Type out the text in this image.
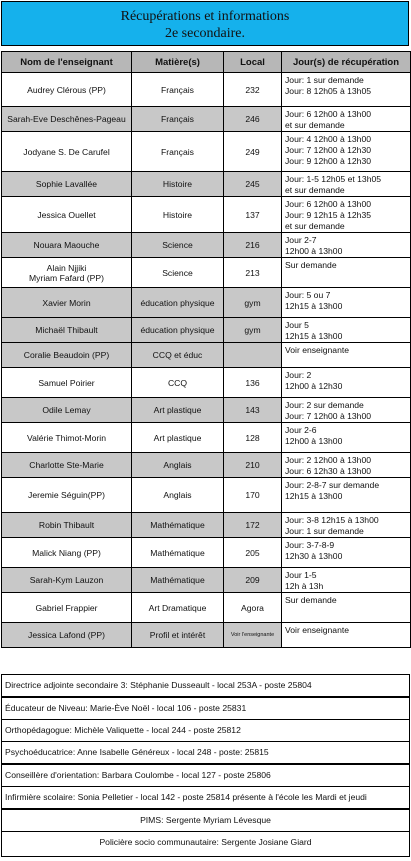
Récupérations et informations
2e secondaire.
Nom de l'enseignant	Matière(s)	Local	Jour(s) de récupération

Audrey Clérous (PP)	Français	232	Jour: 1 sur demande
Jour: 8 12h05 à 13h05

Sarah-Eve Deschênes-Pageau	Français	246	Jour: 6 12h00 à 13h00
et sur demande

Jodyane S. De Carufel	Français	249	Jour: 4 12h00 à 13h00
Jour: 7 12h00 à 12h30
Jour: 9 12h00 à 12h30

Sophie Lavallée	Histoire	245	Jour: 1-5 12h05 et 13h05
et sur demande

Jessica Ouellet	Histoire	137	Jour: 6 12h00 à 13h00
Jour: 9 12h15 à 12h35
et sur demande

Nouara Maouche	Science	216	Jour 2-7
12h00 à 13h00

Alain Njjiki
Myriam Fafard (PP)	Science	213	Sur demande

Xavier Morin	éducation physique	gym	Jour: 5 ou 7
12h15 à 13h00

Michaël Thibault	éducation physique	gym	Jour 5
12h15 à 13h00

Coralie Beaudoin (PP)	CCQ et éduc		Voir enseignante

Samuel Poirier	CCQ	136	Jour: 2
12h00 à 12h30

Odile Lemay	Art plastique	143	Jour: 2 sur demande
Jour: 7 12h00 à 13h00

Valérie Thimot-Morin	Art plastique	128	Jour 2-6
12h00 à 13h00

Charlotte Ste-Marie	Anglais	210	Jour: 2 12h00 à 13h00
Jour: 6 12h30 à 13h00

Jeremie Séguin(PP)	Anglais	170	Jour: 2-8-7 sur demande
12h15 à 13h00

Robin Thibault	Mathématique	172	Jour: 3-8 12h15 à 13h00
Jour: 1 sur demande

Malick Niang (PP)	Mathématique	205	Jour: 3-7-8-9
12h30 à 13h00

Sarah-Kym Lauzon	Mathématique	209	Jour 1-5
12h à 13h

Gabriel Frappier	Art Dramatique	Agora	Sur demande

Jessica Lafond (PP)	Profil et intérêt	Voir l'enseignante	Voir enseignante
Directrice adjointe secondaire 3: Stéphanie Dusseault - local 253A - poste 25804
Éducateur de Niveau: Marie-Ève Noël - local 106 - poste 25831
Orthopédagogue: Michèle Valiquette - local 244 - poste 25812
Psychoéducatrice: Anne Isabelle Généreux - local 248 - poste: 25815
Conseillère d'orientation: Barbara Coulombe - local 127 - poste 25806
Infirmière scolaire: Sonia Pelletier - local 142 - poste 25814 présente à l'école les Mardi et jeudi
PIMS: Sergente Myriam Lévesque
Policière socio communautaire: Sergente Josiane Giard
